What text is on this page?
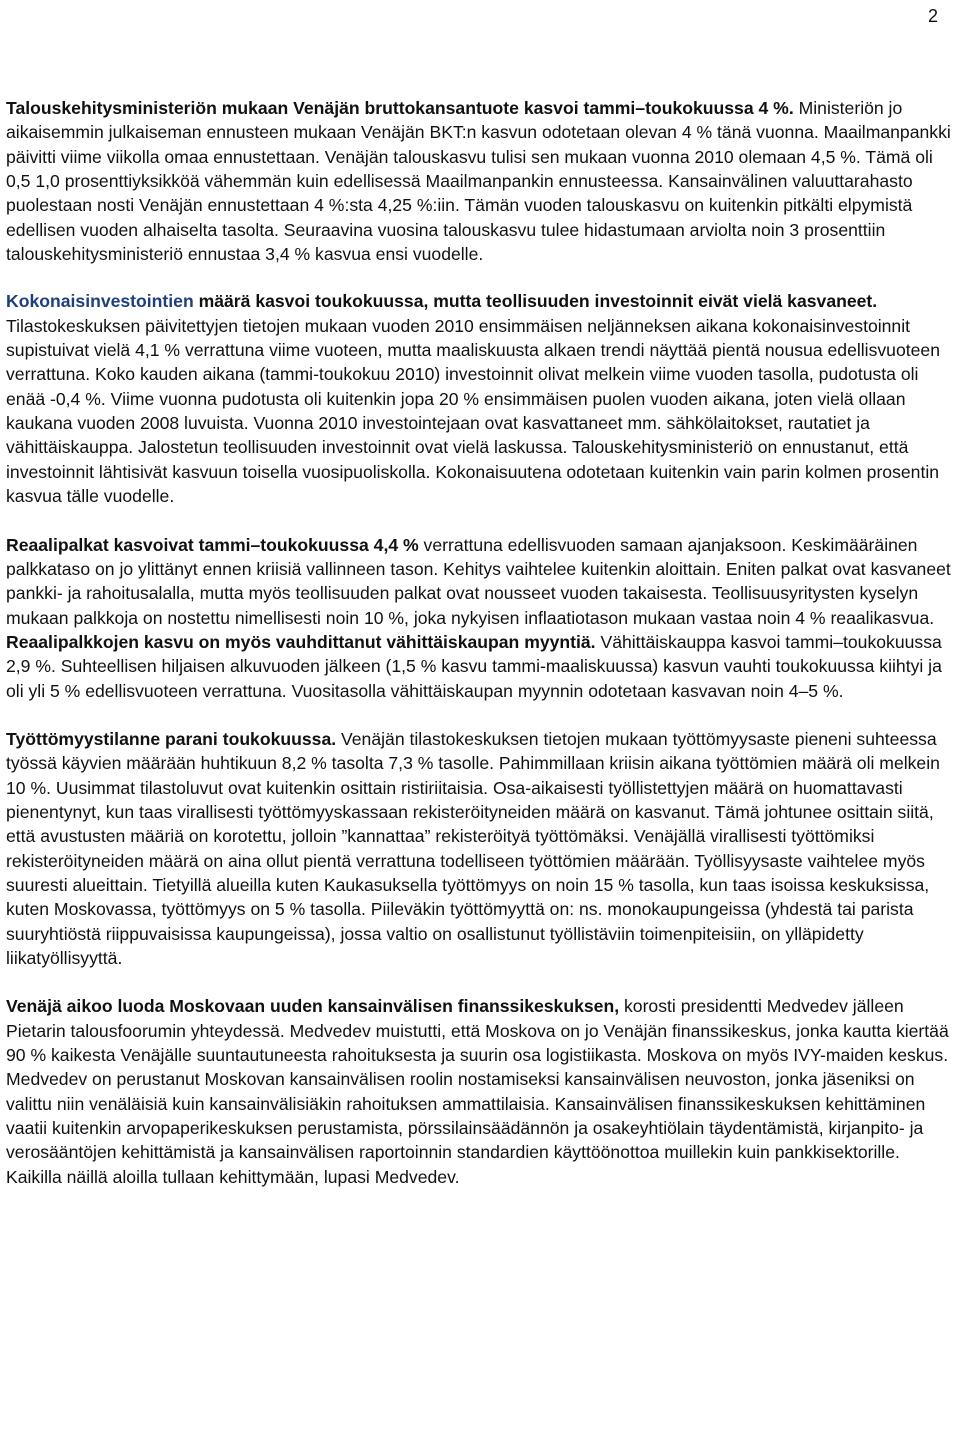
2

Talouskehitysministeriön mukaan Venäjän bruttokansantuote kasvoi tammi–toukokuussa 4 %. Ministeriön jo aikaisemmin julkaiseman ennusteen mukaan Venäjän BKT:n kasvun odotetaan olevan 4 % tänä vuonna. Maailmanpankki päivitti viime viikolla omaa ennustettaan. Venäjän talouskasvu tulisi sen mukaan vuonna 2010 olemaan 4,5 %. Tämä oli 0,5 1,0 prosenttiyksikköä vähemmän kuin edellisessä Maailmanpankin ennusteessa. Kansainvälinen valuuttarahasto puolestaan nosti Venäjän ennustettaan 4 %:sta 4,25 %:iin. Tämän vuoden talouskasvu on kuitenkin pitkälti elpymistä edellisen vuoden alhaiselta tasolta. Seuraavina vuosina talouskasvu tulee hidastumaan arviolta noin 3 prosenttiin talouskehitysministeriö ennustaa 3,4 % kasvua ensi vuodelle.

Kokonaisinvestointien määrä kasvoi toukokuussa, mutta teollisuuden investoinnit eivät vielä kasvaneet. Tilastokeskuksen päivitettyjen tietojen mukaan vuoden 2010 ensimmäisen neljänneksen aikana kokonaisinvestoinnit supistuivat vielä 4,1 % verrattuna viime vuoteen, mutta maaliskuusta alkaen trendi näyttää pientä nousua edellisvuoteen verrattuna. Koko kauden aikana (tammi-toukokuu 2010) investoinnit olivat melkein viime vuoden tasolla, pudotusta oli enää -0,4 %. Viime vuonna pudotusta oli kuitenkin jopa 20 % ensimmäisen puolen vuoden aikana, joten vielä ollaan kaukana vuoden 2008 luvuista. Vuonna 2010 investointejaan ovat kasvattaneet mm. sähkölaitokset, rautatiet ja vähittäiskauppa. Jalostetun teollisuuden investoinnit ovat vielä laskussa. Talouskehitysministeriö on ennustanut, että investoinnit lähtisivät kasvuun toisella vuosipuoliskolla. Kokonaisuutena odotetaan kuitenkin vain parin kolmen prosentin kasvua tälle vuodelle.

Reaalipalkat kasvoivat tammi–toukokuussa 4,4 % verrattuna edellisvuoden samaan ajanjaksoon. Keskimääräinen palkkataso on jo ylittänyt ennen kriisiä vallinneen tason. Kehitys vaihtelee kuitenkin aloittain. Eniten palkat ovat kasvaneet pankki- ja rahoitusalalla, mutta myös teollisuuden palkat ovat nousseet vuoden takaisesta. Teollisuusyritysten kyselyn mukaan palkkoja on nostettu nimellisesti noin 10 %, joka nykyisen inflaatiotason mukaan vastaa noin 4 % reaalikasvua. Reaalipalkkojen kasvu on myös vauhdittanut vähittäiskaupan myyntiä. Vähittäiskauppa kasvoi tammi–toukokuussa 2,9 %. Suhteellisen hiljaisen alkuvuoden jälkeen (1,5 % kasvu tammi-maaliskuussa) kasvun vauhti toukokuussa kiihtyi ja oli yli 5 % edellisvuoteen verrattuna. Vuositasolla vähittäiskaupan myynnin odotetaan kasvavan noin 4–5 %.

Työttömyystilanne parani toukokuussa. Venäjän tilastokeskuksen tietojen mukaan työttömyysaste pieneni suhteessa työssä käyvien määrään huhtikuun 8,2 % tasolta 7,3 % tasolle. Pahimmillaan kriisin aikana työttömien määrä oli melkein 10 %. Uusimmat tilastoluvut ovat kuitenkin osittain ristiriitaisia. Osa-aikaisesti työllistettyjen määrä on huomattavasti pienentynyt, kun taas virallisesti työttömyyskassaan rekisteröityneiden määrä on kasvanut. Tämä johtunee osittain siitä, että avustusten määriä on korotettu, jolloin ”kannattaa” rekisteröityä työttömäksi. Venäjällä virallisesti työttömiksi rekisteröityneiden määrä on aina ollut pientä verrattuna todelliseen työttömien määrään. Työllisyysaste vaihtelee myös suuresti alueittain. Tietyillä alueilla kuten Kaukasuksella työttömyys on noin 15 % tasolla, kun taas isoissa keskuksissa, kuten Moskovassa, työttömyys on 5 % tasolla. Piileväkin työttömyyttä on: ns. monokaupungeissa (yhdestä tai parista suuryhtiöstä riippuvaisissa kaupungeissa), jossa valtio on osallistunut työllistäviin toimenpiteisiin, on ylläpidetty liikatyöllisyyttä.

Venäjä aikoo luoda Moskovaan uuden kansainvälisen finanssikeskuksen, korosti presidentti Medvedev jälleen Pietarin talousfoorumin yhteydessä. Medvedev muistutti, että Moskova on jo Venäjän finanssikeskus, jonka kautta kiertää 90 % kaikesta Venäjälle suuntautuneesta rahoituksesta ja suurin osa logistiikasta. Moskova on myös IVY-maiden keskus. Medvedev on perustanut Moskovan kansainvälisen roolin nostamiseksi kansainvälisen neuvoston, jonka jäseniksi on valittu niin venäläisiä kuin kansainvälisiäkin rahoituksen ammattilaisia. Kansainvälisen finanssikeskuksen kehittäminen vaatii kuitenkin arvopaperikeskuksen perustamista, pörssilainsäädännön ja osakeyhtiölain täydentämistä, kirjanpito- ja verosääntöjen kehittämistä ja kansainvälisen raportoinnin standardien käyttöönottoa muillekin kuin pankkisektorille. Kaikilla näillä aloilla tullaan kehittymään, lupasi Medvedev.
